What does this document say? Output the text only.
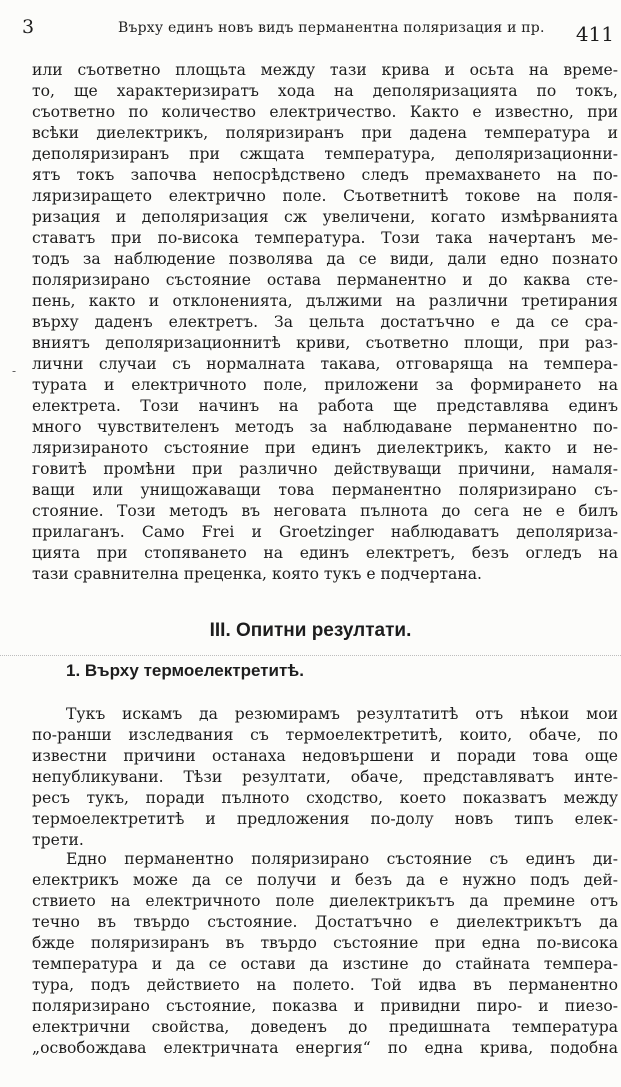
3	Върху единъ новъ видъ перманентна поляризация и пр. 411
-
или съответно площьта между тази крива и осьта на време-
то, ще характеризиратъ хода на деполяризацията по токъ,
съответно по количество електричество. Както е известно, при
всѣки диелектрикъ, поляризиранъ при дадена температура и
деполяризиранъ при сжщата температура, деполяризационни-
ятъ токъ започва непосрѣдствено следъ премахването на по-
ляризиращето електрично поле. Съответнитѣ токове на поля-
ризация и деполяризация сж увеличени, когато измѣрванията
ставатъ при по-висока температура. Този така начертанъ ме-
тодъ за наблюдение позволява да се види, дали едно познато
поляризирано състояние остава перманентно и до каква сте-
пень, както и отклоненията, дължими на различни третирания
върху даденъ електретъ. За цельта достатъчно е да се сра-
вниятъ деполяризационнитѣ криви, съответно площи, при раз-
лични случаи съ нормалната такава, отговаряща на темпера-
турата и електричното поле, приложени за формирането на
електрета. Този начинъ на работа ще представлява единъ
много чувствителенъ методъ за наблюдаване перманентно по-
ляризираното състояние при единъ диелектрикъ, както и не-
говитѣ промѣни при различно действуващи причини, намаля-
ващи или унищожаващи това перманентно поляризирано съ-
стояние. Този методъ въ неговата пълнота до сега не е билъ
прилаганъ. Само Frei и Groetzinger наблюдаватъ деполяриза-
цията при стопяването на единъ електретъ, безъ огледъ на
тази сравнителна преценка, която тукъ е подчертана.
III. Опитни резултати.
1. Върху термоелектретитѣ.
Тукъ искамъ да резюмирамъ резултатитѣ отъ нѣкои мои
по-ранши изследвания съ термоелектретитѣ, които, обаче, по
известни причини останаха недовършени и поради това още
непубликувани. Тѣзи резултати, обаче, представляватъ инте-
ресъ тукъ, поради пълното сходство, което показватъ между
термоелектретитѣ и предложения по-долу новъ типъ елек-
трети.
Едно перманентно поляризирано състояние съ единъ ди-
електрикъ може да се получи и безъ да е нужно подъ дей-
ствието на електричното поле диелектрикътъ да премине отъ
течно въ твърдо състояние. Достатъчно е диелектрикътъ да
бжде поляризиранъ въ твърдо състояние при една по-висока
температура и да се остави да изстине до стайната темпера-
тура, подъ действието на полето. Той идва въ перманентно
поляризирано състояние, показва и привидни пиро- и пиезо-
електрични свойства, доведенъ до предишната температура
„освобождава електричната енергия“ по една крива, подобна
